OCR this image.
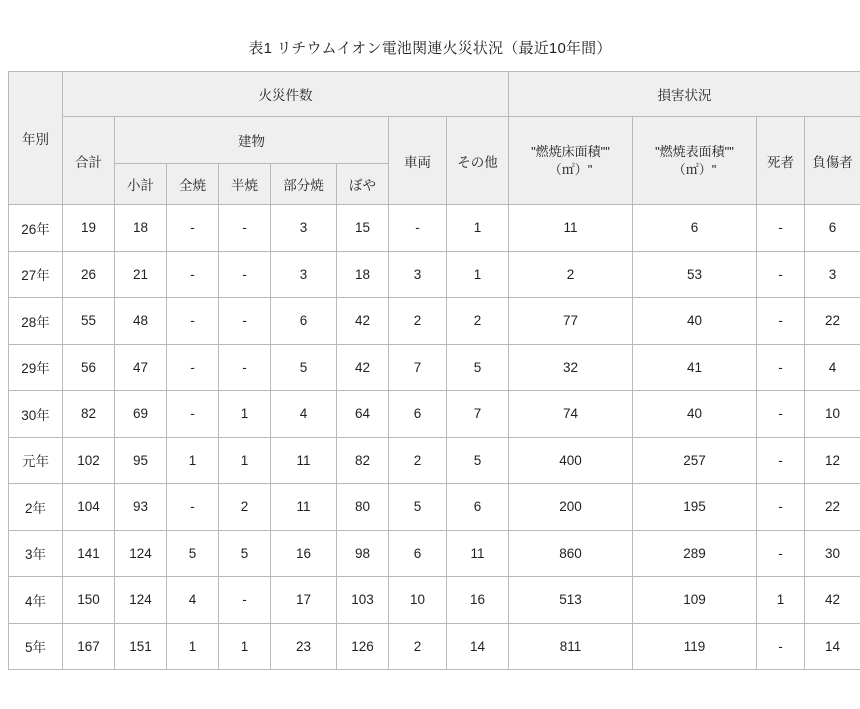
表1 リチウムイオン電池関連火災状況（最近10年間）
年別	火災件数								損害状況			
	合計	建物					車両	その他	"燃焼床面積"" （㎡）"	"燃焼表面積"" （㎡）"	死者	負傷者
		小計	全焼	半焼	部分焼	ぼや						
26年	19	18	-	-	3	15	-	1	11	6	-	6
27年	26	21	-	-	3	18	3	1	2	53	-	3
28年	55	48	-	-	6	42	2	2	77	40	-	22
29年	56	47	-	-	5	42	7	5	32	41	-	4
30年	82	69	-	1	4	64	6	7	74	40	-	10
元年	102	95	1	1	11	82	2	5	400	257	-	12
2年	104	93	-	2	11	80	5	6	200	195	-	22
3年	141	124	5	5	16	98	6	11	860	289	-	30
4年	150	124	4	-	17	103	10	16	513	109	1	42
5年	167	151	1	1	23	126	2	14	811	119	-	14
